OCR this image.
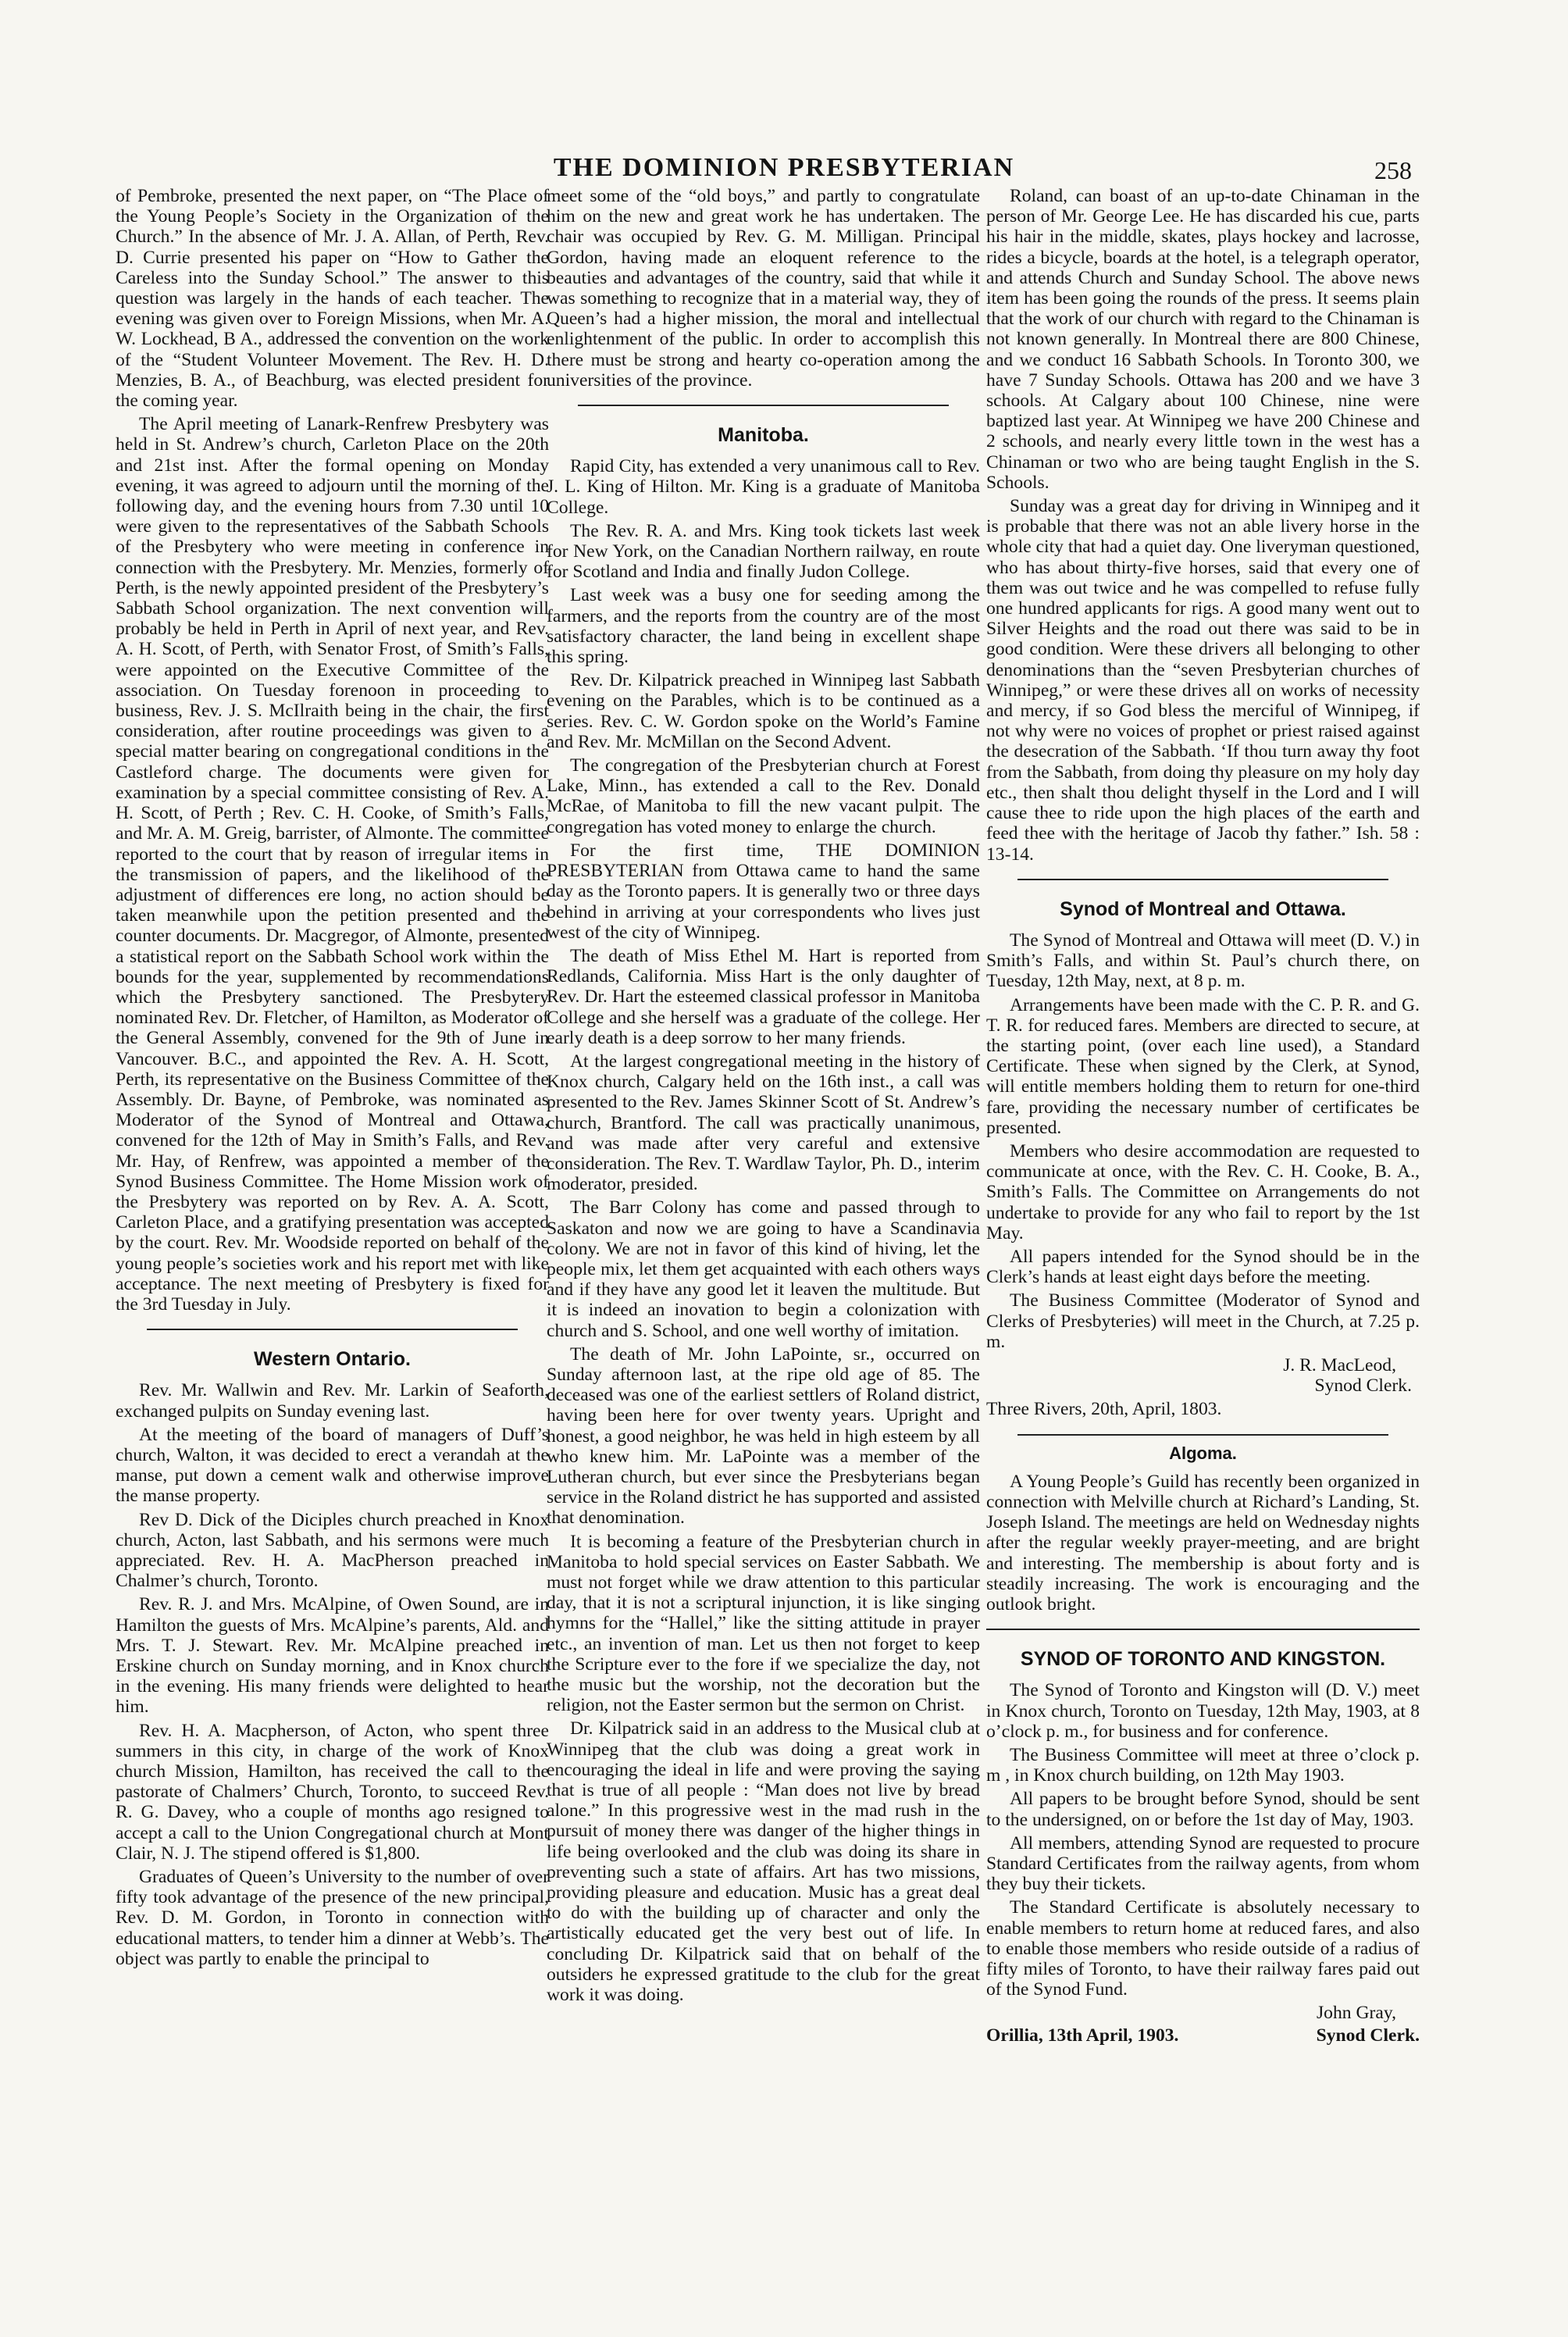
THE DOMINION PRESBYTERIAN	258

of Pembroke, presented the next paper, on “The Place of the Young People’s Society in the Organization of the Church.” In the absence of Mr. J. A. Allan, of Perth, Rev. D. Currie presented his paper on “How to Gather the Careless into the Sunday School.” The answer to this question was largely in the hands of each teacher. The evening was given over to Foreign Missions, when Mr. A. W. Lockhead, B A., addressed the convention on the work of the “Student Volunteer Movement. The Rev. H. D. Menzies, B. A., of Beachburg, was elected president for the coming year.

The April meeting of Lanark-Renfrew Presbytery was held in St. Andrew’s church, Carleton Place on the 20th and 21st inst. After the formal opening on Monday evening, it was agreed to adjourn until the morning of the following day, and the evening hours from 7.30 until 10 were given to the representatives of the Sabbath Schools of the Presbytery who were meeting in conference in connection with the Presbytery. Mr. Menzies, formerly of Perth, is the newly appointed president of the Presbytery’s Sabbath School organization. The next convention will probably be held in Perth in April of next year, and Rev. A. H. Scott, of Perth, with Senator Frost, of Smith’s Falls, were appointed on the Executive Committee of the association. On Tuesday forenoon in proceeding to business, Rev. J. S. McIlraith being in the chair, the first consideration, after routine proceedings was given to a special matter bearing on congregational conditions in the Castleford charge. The documents were given for examination by a special committee consisting of Rev. A. H. Scott, of Perth ; Rev. C. H. Cooke, of Smith’s Falls, and Mr. A. M. Greig, barrister, of Almonte. The committee reported to the court that by reason of irregular items in the transmission of papers, and the likelihood of the adjustment of differences ere long, no action should be taken meanwhile upon the petition presented and the counter documents. Dr. Macgregor, of Almonte, presented a statistical report on the Sabbath School work within the bounds for the year, supplemented by recommendations which the Presbytery sanctioned. The Presbytery nominated Rev. Dr. Fletcher, of Hamilton, as Moderator of the General Assembly, convened for the 9th of June in Vancouver. B.C., and appointed the Rev. A. H. Scott, Perth, its representative on the Business Committee of the Assembly. Dr. Bayne, of Pembroke, was nominated as Moderator of the Synod of Montreal and Ottawa, convened for the 12th of May in Smith’s Falls, and Rev. Mr. Hay, of Renfrew, was appointed a member of the Synod Business Committee. The Home Mission work of the Presbytery was reported on by Rev. A. A. Scott, Carleton Place, and a gratifying presentation was accepted by the court. Rev. Mr. Woodside reported on behalf of the young people’s societies work and his report met with like acceptance. The next meeting of Presbytery is fixed for the 3rd Tuesday in July.

Western Ontario.

Rev. Mr. Wallwin and Rev. Mr. Larkin of Seaforth, exchanged pulpits on Sunday evening last.

At the meeting of the board of managers of Duff’s church, Walton, it was decided to erect a verandah at the manse, put down a cement walk and otherwise improve the manse property.

Rev D. Dick of the Diciples church preached in Knox church, Acton, last Sabbath, and his sermons were much appreciated. Rev. H. A. MacPherson preached in Chalmer’s church, Toronto.

Rev. R. J. and Mrs. McAlpine, of Owen Sound, are in Hamilton the guests of Mrs. McAlpine’s parents, Ald. and Mrs. T. J. Stewart. Rev. Mr. McAlpine preached in Erskine church on Sunday morning, and in Knox church in the evening. His many friends were delighted to hear him.

Rev. H. A. Macpherson, of Acton, who spent three summers in this city, in charge of the work of Knox church Mission, Hamilton, has received the call to the pastorate of Chalmers’ Church, Toronto, to succeed Rev. R. G. Davey, who a couple of months ago resigned to accept a call to the Union Congregational church at Mont Clair, N. J. The stipend offered is $1,800.

Graduates of Queen’s University to the number of over fifty took advantage of the presence of the new principal, Rev. D. M. Gordon, in Toronto in connection with educational matters, to tender him a dinner at Webb’s. The object was partly to enable the principal to

meet some of the “old boys,” and partly to congratulate him on the new and great work he has undertaken. The chair was occupied by Rev. G. M. Milligan. Principal Gordon, having made an eloquent reference to the beauties and advantages of the country, said that while it was something to recognize that in a material way, they of Queen’s had a higher mission, the moral and intellectual enlightenment of the public. In order to accomplish this there must be strong and hearty co-operation among the universities of the province.

Manitoba.

Rapid City, has extended a very unanimous call to Rev. J. L. King of Hilton. Mr. King is a graduate of Manitoba College.

The Rev. R. A. and Mrs. King took tickets last week for New York, on the Canadian Northern railway, en route for Scotland and India and finally Judon College.

Last week was a busy one for seeding among the farmers, and the reports from the country are of the most satisfactory character, the land being in excellent shape this spring.

Rev. Dr. Kilpatrick preached in Winnipeg last Sabbath evening on the Parables, which is to be continued as a series. Rev. C. W. Gordon spoke on the World’s Famine and Rev. Mr. McMillan on the Second Advent.

The congregation of the Presbyterian church at Forest Lake, Minn., has extended a call to the Rev. Donald McRae, of Manitoba to fill the new vacant pulpit. The congregation has voted money to enlarge the church.

For the first time, THE DOMINION PRESBYTERIAN from Ottawa came to hand the same day as the Toronto papers. It is generally two or three days behind in arriving at your correspondents who lives just west of the city of Winnipeg.

The death of Miss Ethel M. Hart is reported from Redlands, California. Miss Hart is the only daughter of Rev. Dr. Hart the esteemed classical professor in Manitoba College and she herself was a graduate of the college. Her early death is a deep sorrow to her many friends.

At the largest congregational meeting in the history of Knox church, Calgary held on the 16th inst., a call was presented to the Rev. James Skinner Scott of St. Andrew’s church, Brantford. The call was practically unanimous, and was made after very careful and extensive consideration. The Rev. T. Wardlaw Taylor, Ph. D., interim moderator, presided.

The Barr Colony has come and passed through to Saskaton and now we are going to have a Scandinavia colony. We are not in favor of this kind of hiving, let the people mix, let them get acquainted with each others ways and if they have any good let it leaven the multitude. But it is indeed an inovation to begin a colonization with church and S. School, and one well worthy of imitation.

The death of Mr. John LaPointe, sr., occurred on Sunday afternoon last, at the ripe old age of 85. The deceased was one of the earliest settlers of Roland district, having been here for over twenty years. Upright and honest, a good neighbor, he was held in high esteem by all who knew him. Mr. LaPointe was a member of the Lutheran church, but ever since the Presbyterians began service in the Roland district he has supported and assisted that denomination.

It is becoming a feature of the Presbyterian church in Manitoba to hold special services on Easter Sabbath. We must not forget while we draw attention to this particular day, that it is not a scriptural injunction, it is like singing hymns for the “Hallel,” like the sitting attitude in prayer etc., an invention of man. Let us then not forget to keep the Scripture ever to the fore if we specialize the day, not the music but the worship, not the decoration but the religion, not the Easter sermon but the sermon on Christ.

Dr. Kilpatrick said in an address to the Musical club at Winnipeg that the club was doing a great work in encouraging the ideal in life and were proving the saying that is true of all people : “Man does not live by bread alone.” In this progressive west in the mad rush in the pursuit of money there was danger of the higher things in life being overlooked and the club was doing its share in preventing such a state of affairs. Art has two missions, providing pleasure and education. Music has a great deal to do with the building up of character and only the artistically educated get the very best out of life. In concluding Dr. Kilpatrick said that on behalf of the outsiders he expressed gratitude to the club for the great work it was doing.

Roland, can boast of an up-to-date Chinaman in the person of Mr. George Lee. He has discarded his cue, parts his hair in the middle, skates, plays hockey and lacrosse, rides a bicycle, boards at the hotel, is a telegraph operator, and attends Church and Sunday School. The above news item has been going the rounds of the press. It seems plain that the work of our church with regard to the Chinaman is not known generally. In Montreal there are 800 Chinese, and we conduct 16 Sabbath Schools. In Toronto 300, we have 7 Sunday Schools. Ottawa has 200 and we have 3 schools. At Calgary about 100 Chinese, nine were baptized last year. At Winnipeg we have 200 Chinese and 2 schools, and nearly every little town in the west has a Chinaman or two who are being taught English in the S. Schools.

Sunday was a great day for driving in Winnipeg and it is probable that there was not an able livery horse in the whole city that had a quiet day. One liveryman questioned, who has about thirty-five horses, said that every one of them was out twice and he was compelled to refuse fully one hundred applicants for rigs. A good many went out to Silver Heights and the road out there was said to be in good condition. Were these drivers all belonging to other denominations than the “seven Presbyterian churches of Winnipeg,” or were these drives all on works of necessity and mercy, if so God bless the merciful of Winnipeg, if not why were no voices of prophet or priest raised against the desecration of the Sabbath. ‘If thou turn away thy foot from the Sabbath, from doing thy pleasure on my holy day etc., then shalt thou delight thyself in the Lord and I will cause thee to ride upon the high places of the earth and feed thee with the heritage of Jacob thy father.” Ish. 58 : 13-14.

Synod of Montreal and Ottawa.

The Synod of Montreal and Ottawa will meet (D. V.) in Smith’s Falls, and within St. Paul’s church there, on Tuesday, 12th May, next, at 8 p. m.

Arrangements have been made with the C. P. R. and G. T. R. for reduced fares. Members are directed to secure, at the starting point, (over each line used), a Standard Certificate. These when signed by the Clerk, at Synod, will entitle members holding them to return for one-third fare, providing the necessary number of certificates be presented.

Members who desire accommodation are requested to communicate at once, with the Rev. C. H. Cooke, B. A., Smith’s Falls. The Committee on Arrangements do not undertake to provide for any who fail to report by the 1st May.

All papers intended for the Synod should be in the Clerk’s hands at least eight days before the meeting.

The Business Committee (Moderator of Synod and Clerks of Presbyteries) will meet in the Church, at 7.25 p. m.

J. R. MacLeod,

Synod Clerk.

Three Rivers, 20th, April, 1803.

Algoma.

A Young People’s Guild has recently been organized in connection with Melville church at Richard’s Landing, St. Joseph Island. The meetings are held on Wednesday nights after the regular weekly prayer-meeting, and are bright and interesting. The membership is about forty and is steadily increasing. The work is encouraging and the outlook bright.

SYNOD OF TORONTO AND KINGSTON.

The Synod of Toronto and Kingston will (D. V.) meet in Knox church, Toronto on Tuesday, 12th May, 1903, at 8 o’clock p. m., for business and for conference.

The Business Committee will meet at three o’clock p. m , in Knox church building, on 12th May 1903.

All papers to be brought before Synod, should be sent to the undersigned, on or before the 1st day of May, 1903.

All members, attending Synod are requested to procure Standard Certificates from the railway agents, from whom they buy their tickets.

The Standard Certificate is absolutely necessary to enable members to return home at reduced fares, and also to enable those members who reside outside of a radius of fifty miles of Toronto, to have their railway fares paid out of the Synod Fund.

John Gray,

Orillia, 13th April, 1903.	Synod Clerk.
